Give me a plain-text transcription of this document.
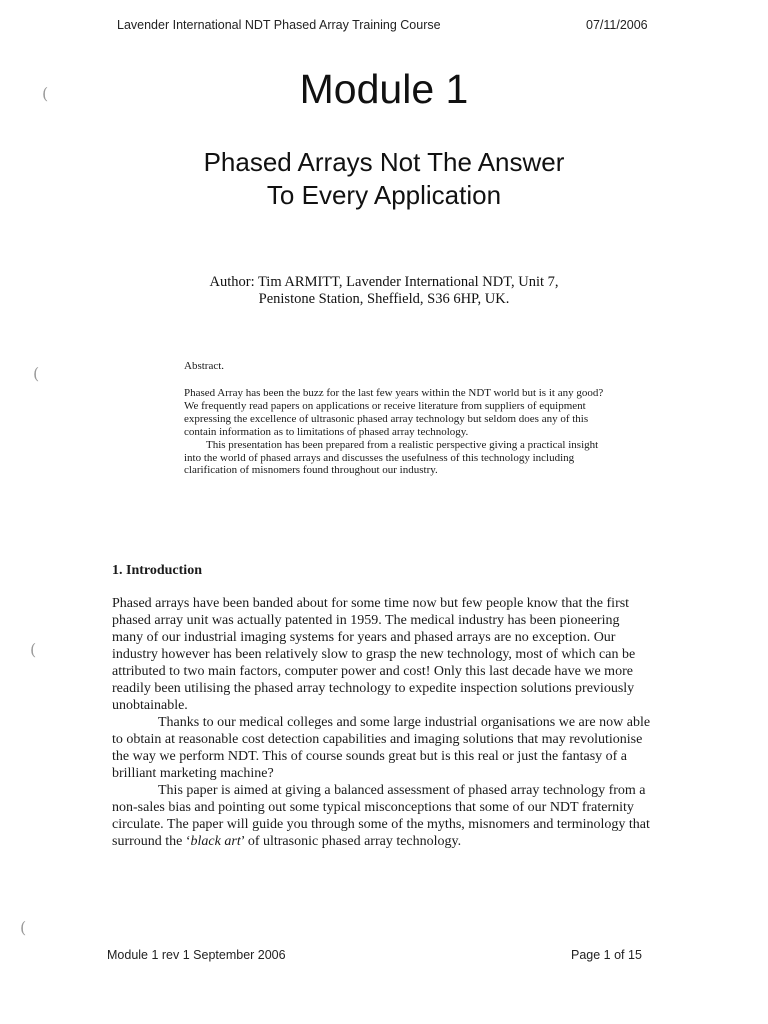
Lavender International NDT Phased Array Training Course	07/11/2006
Module 1
Phased Arrays Not The Answer
To Every Application
Author: Tim ARMITT, Lavender International NDT, Unit 7,
Penistone Station, Sheffield, S36 6HP, UK.
Abstract.

Phased Array has been the buzz for the last few years within the NDT world but is it any good? We frequently read papers on applications or receive literature from suppliers of equipment expressing the excellence of ultrasonic phased array technology but seldom does any of this contain information as to limitations of phased array technology.

This presentation has been prepared from a realistic perspective giving a practical insight into the world of phased arrays and discusses the usefulness of this technology including clarification of misnomers found throughout our industry.

1. Introduction

Phased arrays have been banded about for some time now but few people know that the first phased array unit was actually patented in 1959. The medical industry has been pioneering many of our industrial imaging systems for years and phased arrays are no exception. Our industry however has been relatively slow to grasp the new technology, most of which can be attributed to two main factors, computer power and cost! Only this last decade have we more readily been utilising the phased array technology to expedite inspection solutions previously unobtainable.

Thanks to our medical colleges and some large industrial organisations we are now able to obtain at reasonable cost detection capabilities and imaging solutions that may revolutionise the way we perform NDT. This of course sounds great but is this real or just the fantasy of a brilliant marketing machine?

This paper is aimed at giving a balanced assessment of phased array technology from a non-sales bias and pointing out some typical misconceptions that some of our NDT fraternity circulate. The paper will guide you through some of the myths, misnomers and terminology that surround the ‘black art’ of ultrasonic phased array technology.

Module 1 rev 1 September 2006	Page 1 of 15
(
(
(
(
